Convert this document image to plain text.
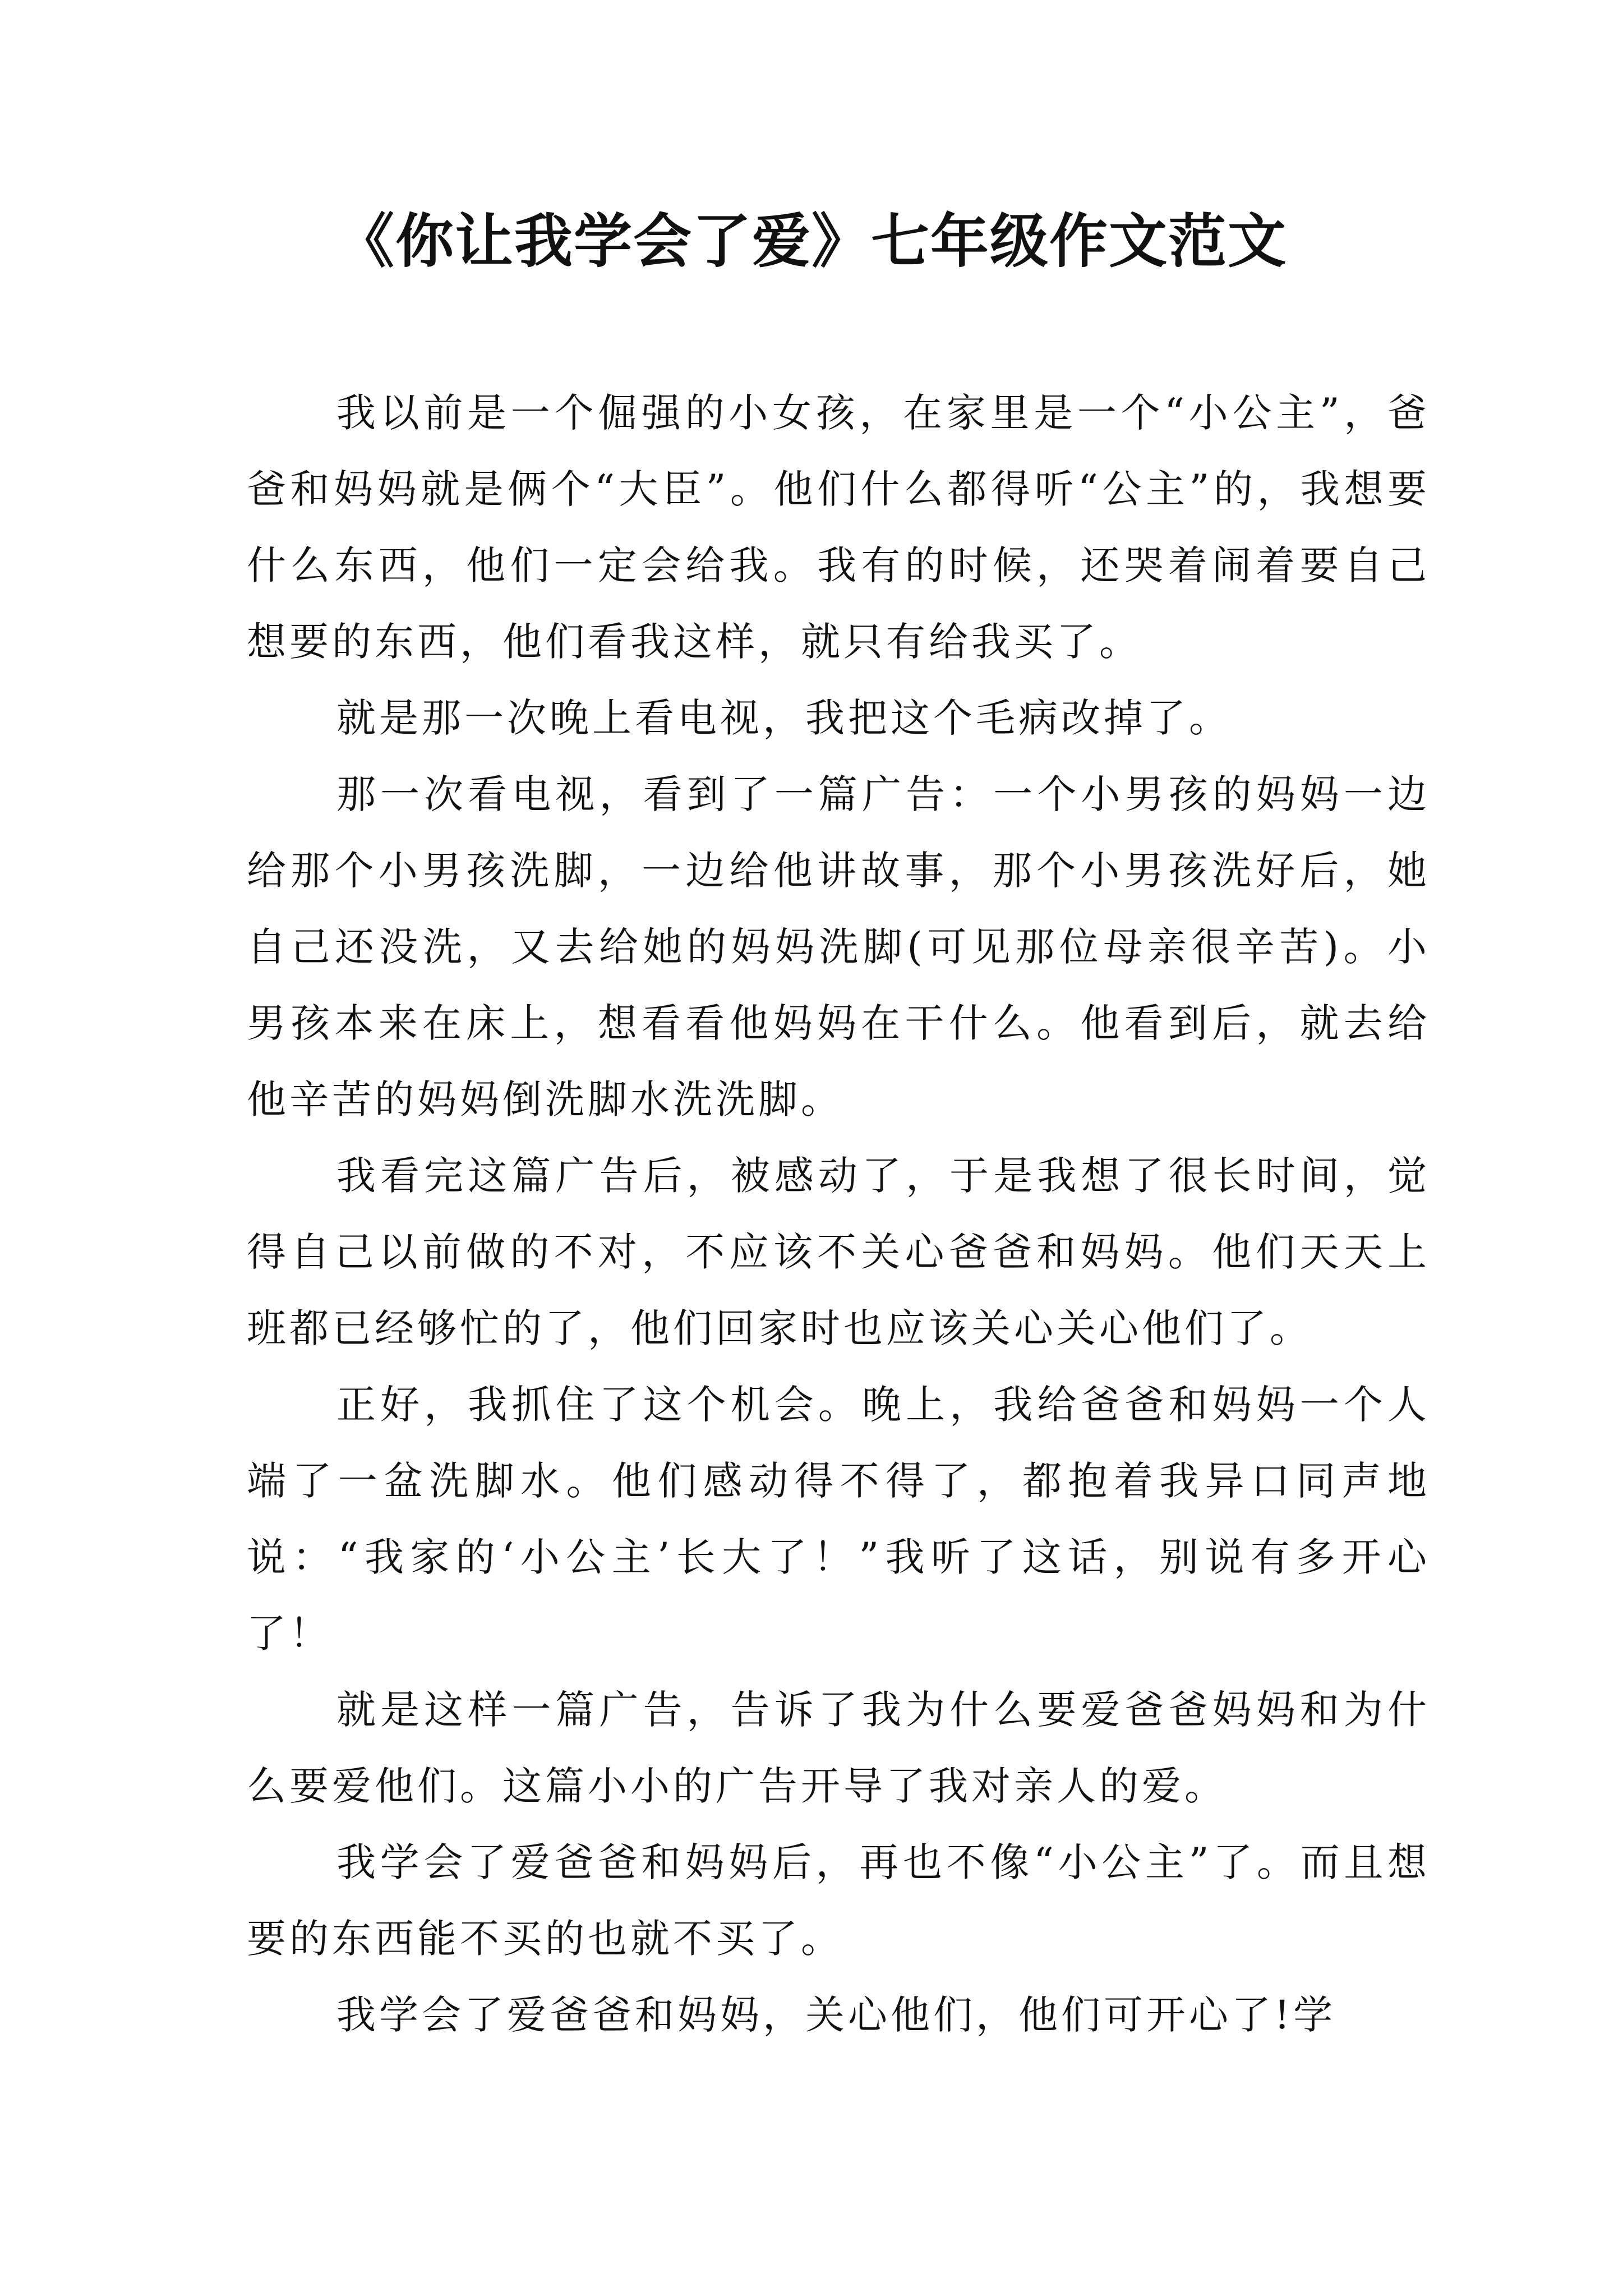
《你让我学会了爱》七年级作文范文

我以前是一个倔强的小女孩，在家里是一个“小公主”，爸爸和妈妈就是俩个“大臣”。他们什么都得听“公主”的，我想要什么东西，他们一定会给我。我有的时候，还哭着闹着要自己想要的东西，他们看我这样，就只有给我买了。

就是那一次晚上看电视，我把这个毛病改掉了。

那一次看电视，看到了一篇广告：一个小男孩的妈妈一边给那个小男孩洗脚，一边给他讲故事，那个小男孩洗好后，她自己还没洗，又去给她的妈妈洗脚(可见那位母亲很辛苦)。小男孩本来在床上，想看看他妈妈在干什么。他看到后，就去给他辛苦的妈妈倒洗脚水洗洗脚。

我看完这篇广告后，被感动了，于是我想了很长时间，觉得自己以前做的不对，不应该不关心爸爸和妈妈。他们天天上班都已经够忙的了，他们回家时也应该关心关心他们了。

正好，我抓住了这个机会。晚上，我给爸爸和妈妈一个人端了一盆洗脚水。他们感动得不得了，都抱着我异口同声地说：“我家的‘小公主’长大了！”我听了这话，别说有多开心了！

就是这样一篇广告，告诉了我为什么要爱爸爸妈妈和为什么要爱他们。这篇小小的广告开导了我对亲人的爱。

我学会了爱爸爸和妈妈后，再也不像“小公主”了。而且想要的东西能不买的也就不买了。

我学会了爱爸爸和妈妈，关心他们，他们可开心了!学
